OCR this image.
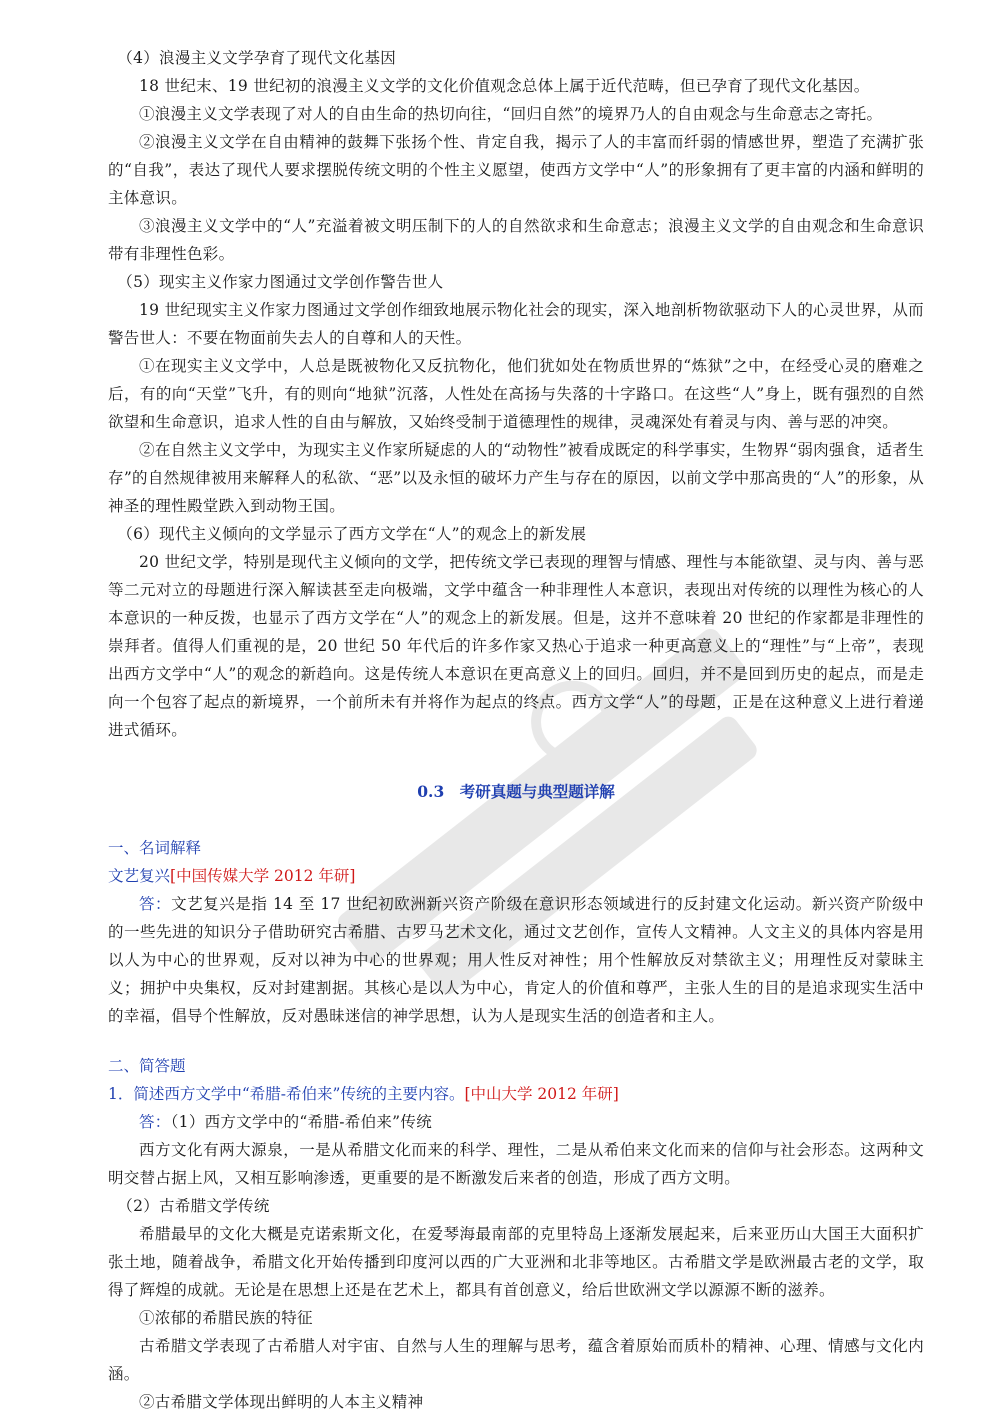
（4）浪漫主义文学孕育了现代文化基因

18 世纪末、19 世纪初的浪漫主义文学的文化价值观念总体上属于近代范畴，但已孕育了现代文化基因。

①浪漫主义文学表现了对人的自由生命的热切向往，“回归自然”的境界乃人的自由观念与生命意志之寄托。

②浪漫主义文学在自由精神的鼓舞下张扬个性、肯定自我，揭示了人的丰富而纤弱的情感世界，塑造了充满扩张的“自我”，表达了现代人要求摆脱传统文明的个性主义愿望，使西方文学中“人”的形象拥有了更丰富的内涵和鲜明的主体意识。

③浪漫主义文学中的“人”充溢着被文明压制下的人的自然欲求和生命意志；浪漫主义文学的自由观念和生命意识带有非理性色彩。

（5）现实主义作家力图通过文学创作警告世人

19 世纪现实主义作家力图通过文学创作细致地展示物化社会的现实，深入地剖析物欲驱动下人的心灵世界，从而警告世人：不要在物面前失去人的自尊和人的天性。

①在现实主义文学中，人总是既被物化又反抗物化，他们犹如处在物质世界的“炼狱”之中，在经受心灵的磨难之后，有的向“天堂”飞升，有的则向“地狱”沉落，人性处在高扬与失落的十字路口。在这些“人”身上，既有强烈的自然欲望和生命意识，追求人性的自由与解放，又始终受制于道德理性的规律，灵魂深处有着灵与肉、善与恶的冲突。

②在自然主义文学中，为现实主义作家所疑虑的人的“动物性”被看成既定的科学事实，生物界“弱肉强食，适者生存”的自然规律被用来解释人的私欲、“恶”以及永恒的破坏力产生与存在的原因，以前文学中那高贵的“人”的形象，从神圣的理性殿堂跌入到动物王国。

（6）现代主义倾向的文学显示了西方文学在“人”的观念上的新发展

20 世纪文学，特别是现代主义倾向的文学，把传统文学已表现的理智与情感、理性与本能欲望、灵与肉、善与恶等二元对立的母题进行深入解读甚至走向极端，文学中蕴含一种非理性人本意识，表现出对传统的以理性为核心的人本意识的一种反拨，也显示了西方文学在“人”的观念上的新发展。但是，这并不意味着 20 世纪的作家都是非理性的崇拜者。值得人们重视的是，20 世纪 50 年代后的许多作家又热心于追求一种更高意义上的“理性”与“上帝”，表现出西方文学中“人”的观念的新趋向。这是传统人本意识在更高意义上的回归。回归，并不是回到历史的起点，而是走向一个包容了起点的新境界，一个前所未有并将作为起点的终点。西方文学“人”的母题，正是在这种意义上进行着递进式循环。

0.3　考研真题与典型题详解

一、名词解释

文艺复兴[中国传媒大学 2012 年研]

答：文艺复兴是指 14 至 17 世纪初欧洲新兴资产阶级在意识形态领域进行的反封建文化运动。新兴资产阶级中的一些先进的知识分子借助研究古希腊、古罗马艺术文化，通过文艺创作，宣传人文精神。人文主义的具体内容是用以人为中心的世界观，反对以神为中心的世界观；用人性反对神性；用个性解放反对禁欲主义；用理性反对蒙昧主义；拥护中央集权，反对封建割据。其核心是以人为中心，肯定人的价值和尊严，主张人生的目的是追求现实生活中的幸福，倡导个性解放，反对愚昧迷信的神学思想，认为人是现实生活的创造者和主人。

二、简答题

1．简述西方文学中“希腊-希伯来”传统的主要内容。[中山大学 2012 年研]

答：（1）西方文学中的“希腊-希伯来”传统

西方文化有两大源泉，一是从希腊文化而来的科学、理性，二是从希伯来文化而来的信仰与社会形态。这两种文明交替占据上风，又相互影响渗透，更重要的是不断激发后来者的创造，形成了西方文明。

（2）古希腊文学传统

希腊最早的文化大概是克诺索斯文化，在爱琴海最南部的克里特岛上逐渐发展起来，后来亚历山大国王大面积扩张土地，随着战争，希腊文化开始传播到印度河以西的广大亚洲和北非等地区。古希腊文学是欧洲最古老的文学，取得了辉煌的成就。无论是在思想上还是在艺术上，都具有首创意义，给后世欧洲文学以源源不断的滋养。

①浓郁的希腊民族的特征

古希腊文学表现了古希腊人对宇宙、自然与人生的理解与思考，蕴含着原始而质朴的精神、心理、情感与文化内涵。

②古希腊文学体现出鲜明的人本主义精神
